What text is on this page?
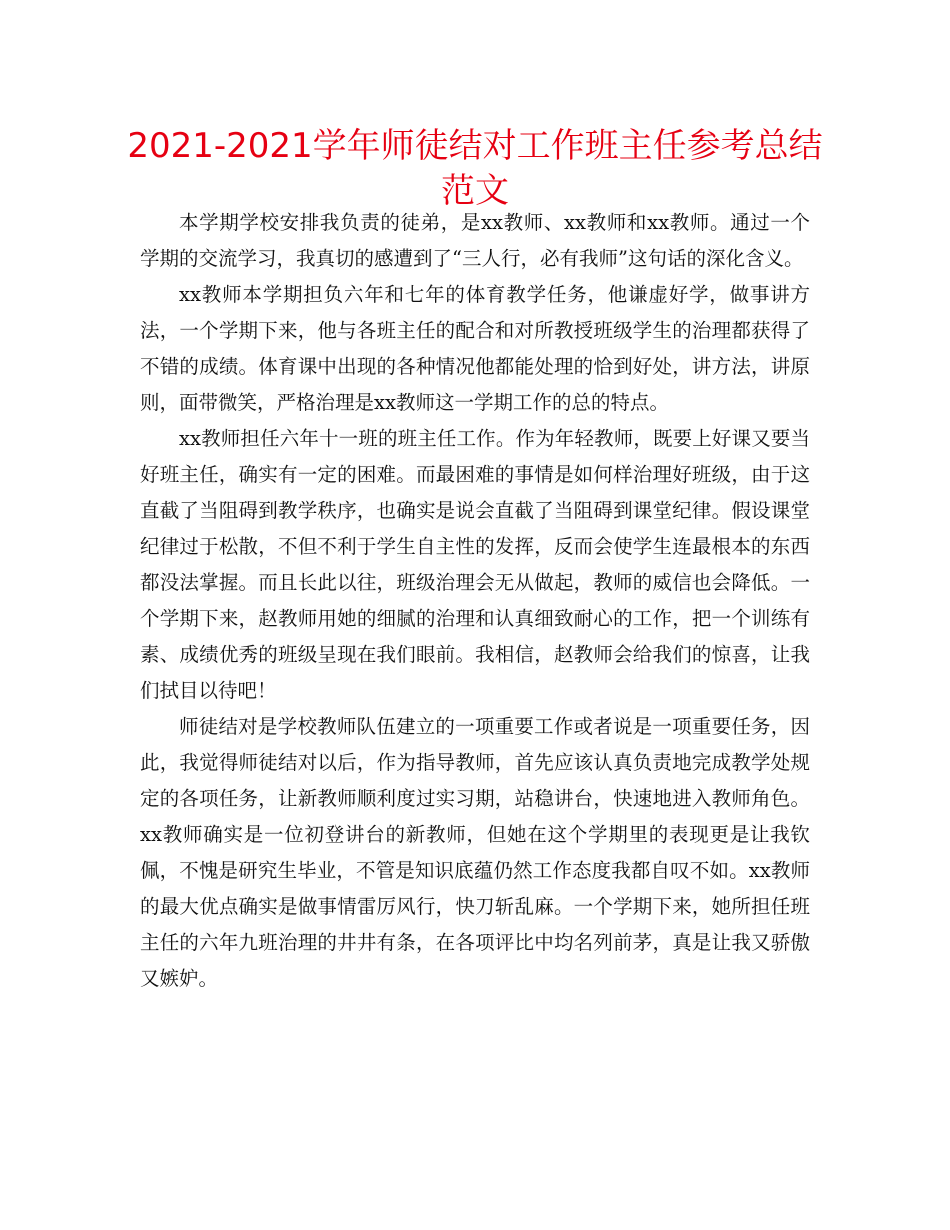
2021-2021学年师徒结对工作班主任参考总结
范文

本学期学校安排我负责的徒弟，是xx教师、xx教师和xx教师。通过一个学期的交流学习，我真切的感遭到了“三人行，必有我师”这句话的深化含义。

xx教师本学期担负六年和七年的体育教学任务，他谦虚好学，做事讲方法，一个学期下来，他与各班主任的配合和对所教授班级学生的治理都获得了不错的成绩。体育课中出现的各种情况他都能处理的恰到好处，讲方法，讲原则，面带微笑，严格治理是xx教师这一学期工作的总的特点。

xx教师担任六年十一班的班主任工作。作为年轻教师，既要上好课又要当好班主任，确实有一定的困难。而最困难的事情是如何样治理好班级，由于这直截了当阻碍到教学秩序，也确实是说会直截了当阻碍到课堂纪律。假设课堂纪律过于松散，不但不利于学生自主性的发挥，反而会使学生连最根本的东西都没法掌握。而且长此以往，班级治理会无从做起，教师的威信也会降低。一个学期下来，赵教师用她的细腻的治理和认真细致耐心的工作，把一个训练有素、成绩优秀的班级呈现在我们眼前。我相信，赵教师会给我们的惊喜，让我们拭目以待吧！

师徒结对是学校教师队伍建立的一项重要工作或者说是一项重要任务，因此，我觉得师徒结对以后，作为指导教师，首先应该认真负责地完成教学处规定的各项任务，让新教师顺利度过实习期，站稳讲台，快速地进入教师角色。xx教师确实是一位初登讲台的新教师，但她在这个学期里的表现更是让我钦佩，不愧是研究生毕业，不管是知识底蕴仍然工作态度我都自叹不如。xx教师的最大优点确实是做事情雷厉风行，快刀斩乱麻。一个学期下来，她所担任班主任的六年九班治理的井井有条，在各项评比中均名列前茅，真是让我又骄傲又嫉妒。
